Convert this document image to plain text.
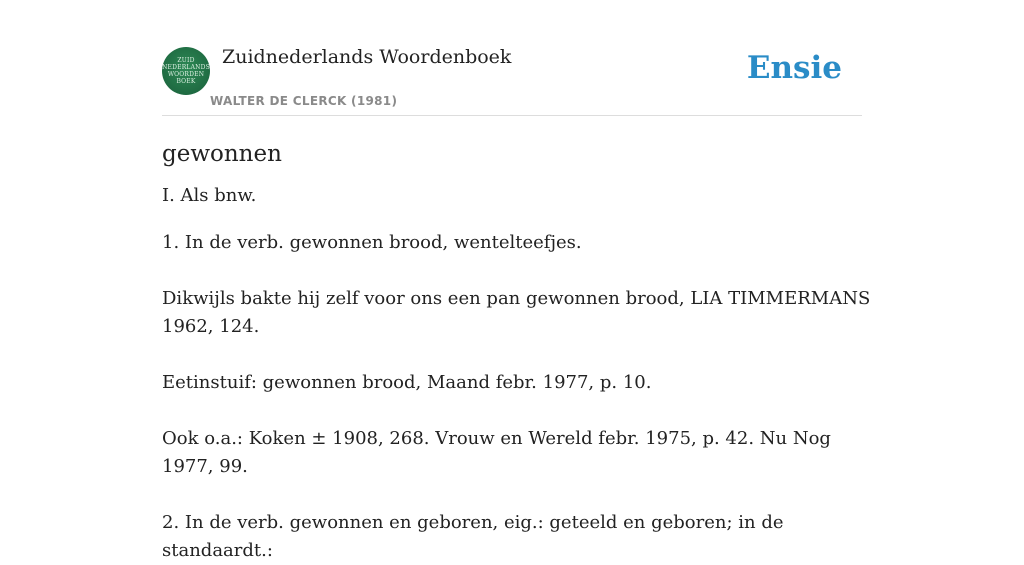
ZUID
NEDERLANDS
WOORDEN
BOEK
Zuidnederlands Woordenboek
WALTER DE CLERCK (1981)
Ensie
gewonnen

I. Als bnw.

1. In de verb. gewonnen brood, wentelteefjes.

Dikwijls bakte hij zelf voor ons een pan gewonnen brood, LIA TIMMERMANS 1962, 124.

Eetinstuif: gewonnen brood, Maand febr. 1977, p. 10.

Ook o.a.: Koken ± 1908, 268. Vrouw en Wereld febr. 1975, p. 42. Nu Nog 1977, 99.

2. In de verb. gewonnen en geboren, eig.: geteeld en geboren; in de standaardt.:
